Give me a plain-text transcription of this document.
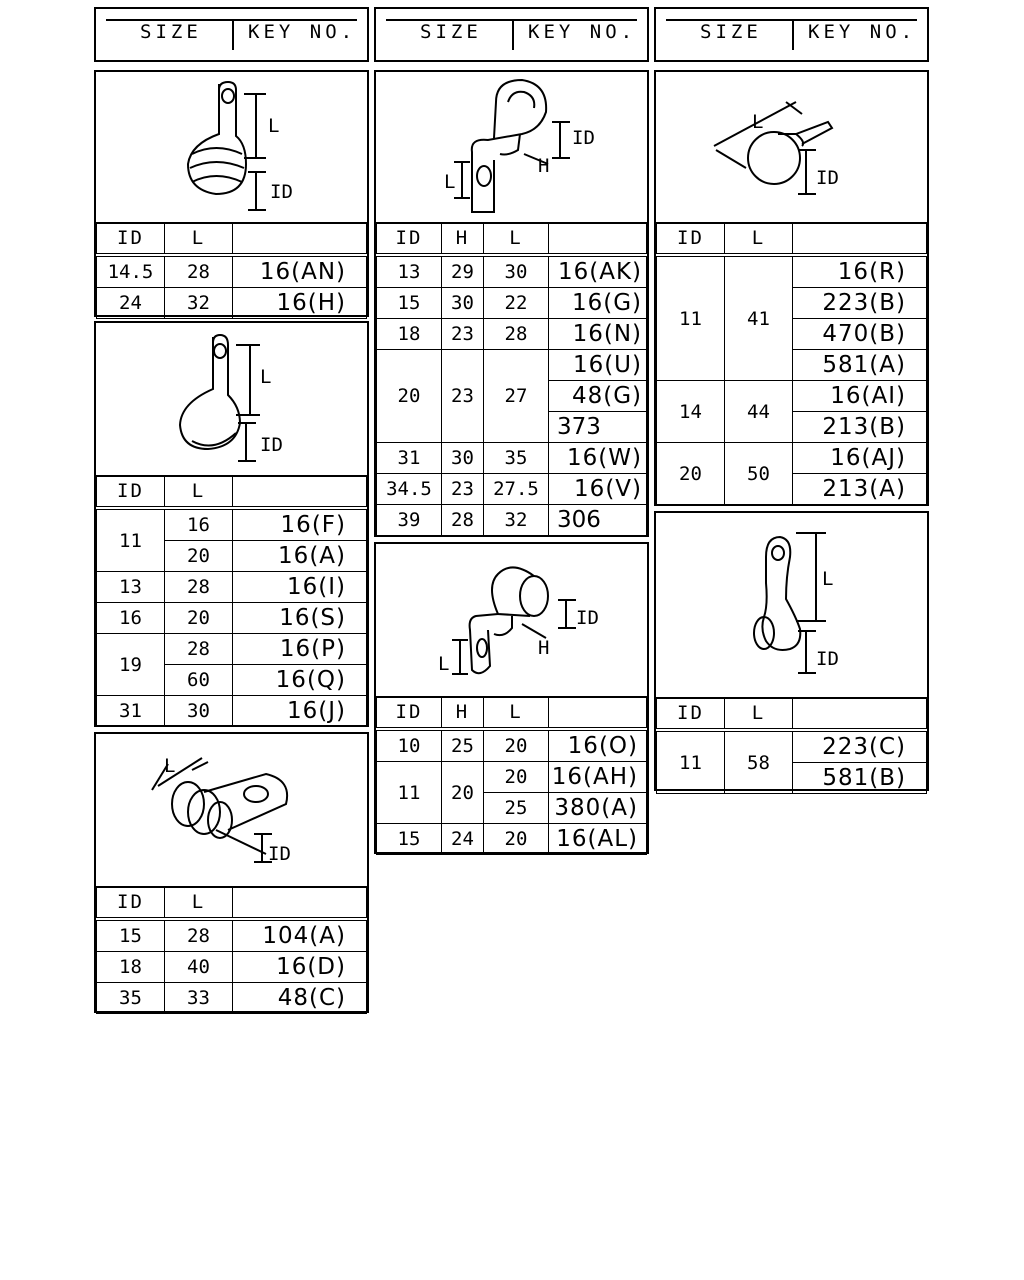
SIZE KEY NO.	SIZE KEY NO.	SIZE KEY NO.
L
ID
ID	L	
14.5	28	16(AN)
24	32	16(H)
L
ID
ID	L	
11	16	16(F)
	20	16(A)
13	28	16(I)
16	20	16(S)
19	28	16(P)
	60	16(Q)
31	30	16(J)
L
ID
ID	L	
15	28	104(A)
18	40	16(D)
35	33	48(C)
L
H
ID
ID	H	L	
13	29	30	16(AK)
15	30	22	16(G)
18	23	28	16(N)
20	23	27	16(U)
			48(G)
			373
31	30	35	16(W)
34.5	23	27.5	16(V)
39	28	32	306
L
H
ID
ID	H	L	
10	25	20	16(O)
11	20	20	16(AH)
		25	380(A)
15	24	20	16(AL)
L
ID
ID	L	
11	41	16(R)
		223(B)
		470(B)
		581(A)
14	44	16(AI)
		213(B)
20	50	16(AJ)
		213(A)
L
ID
ID	L	
11	58	223(C)
		581(B)
